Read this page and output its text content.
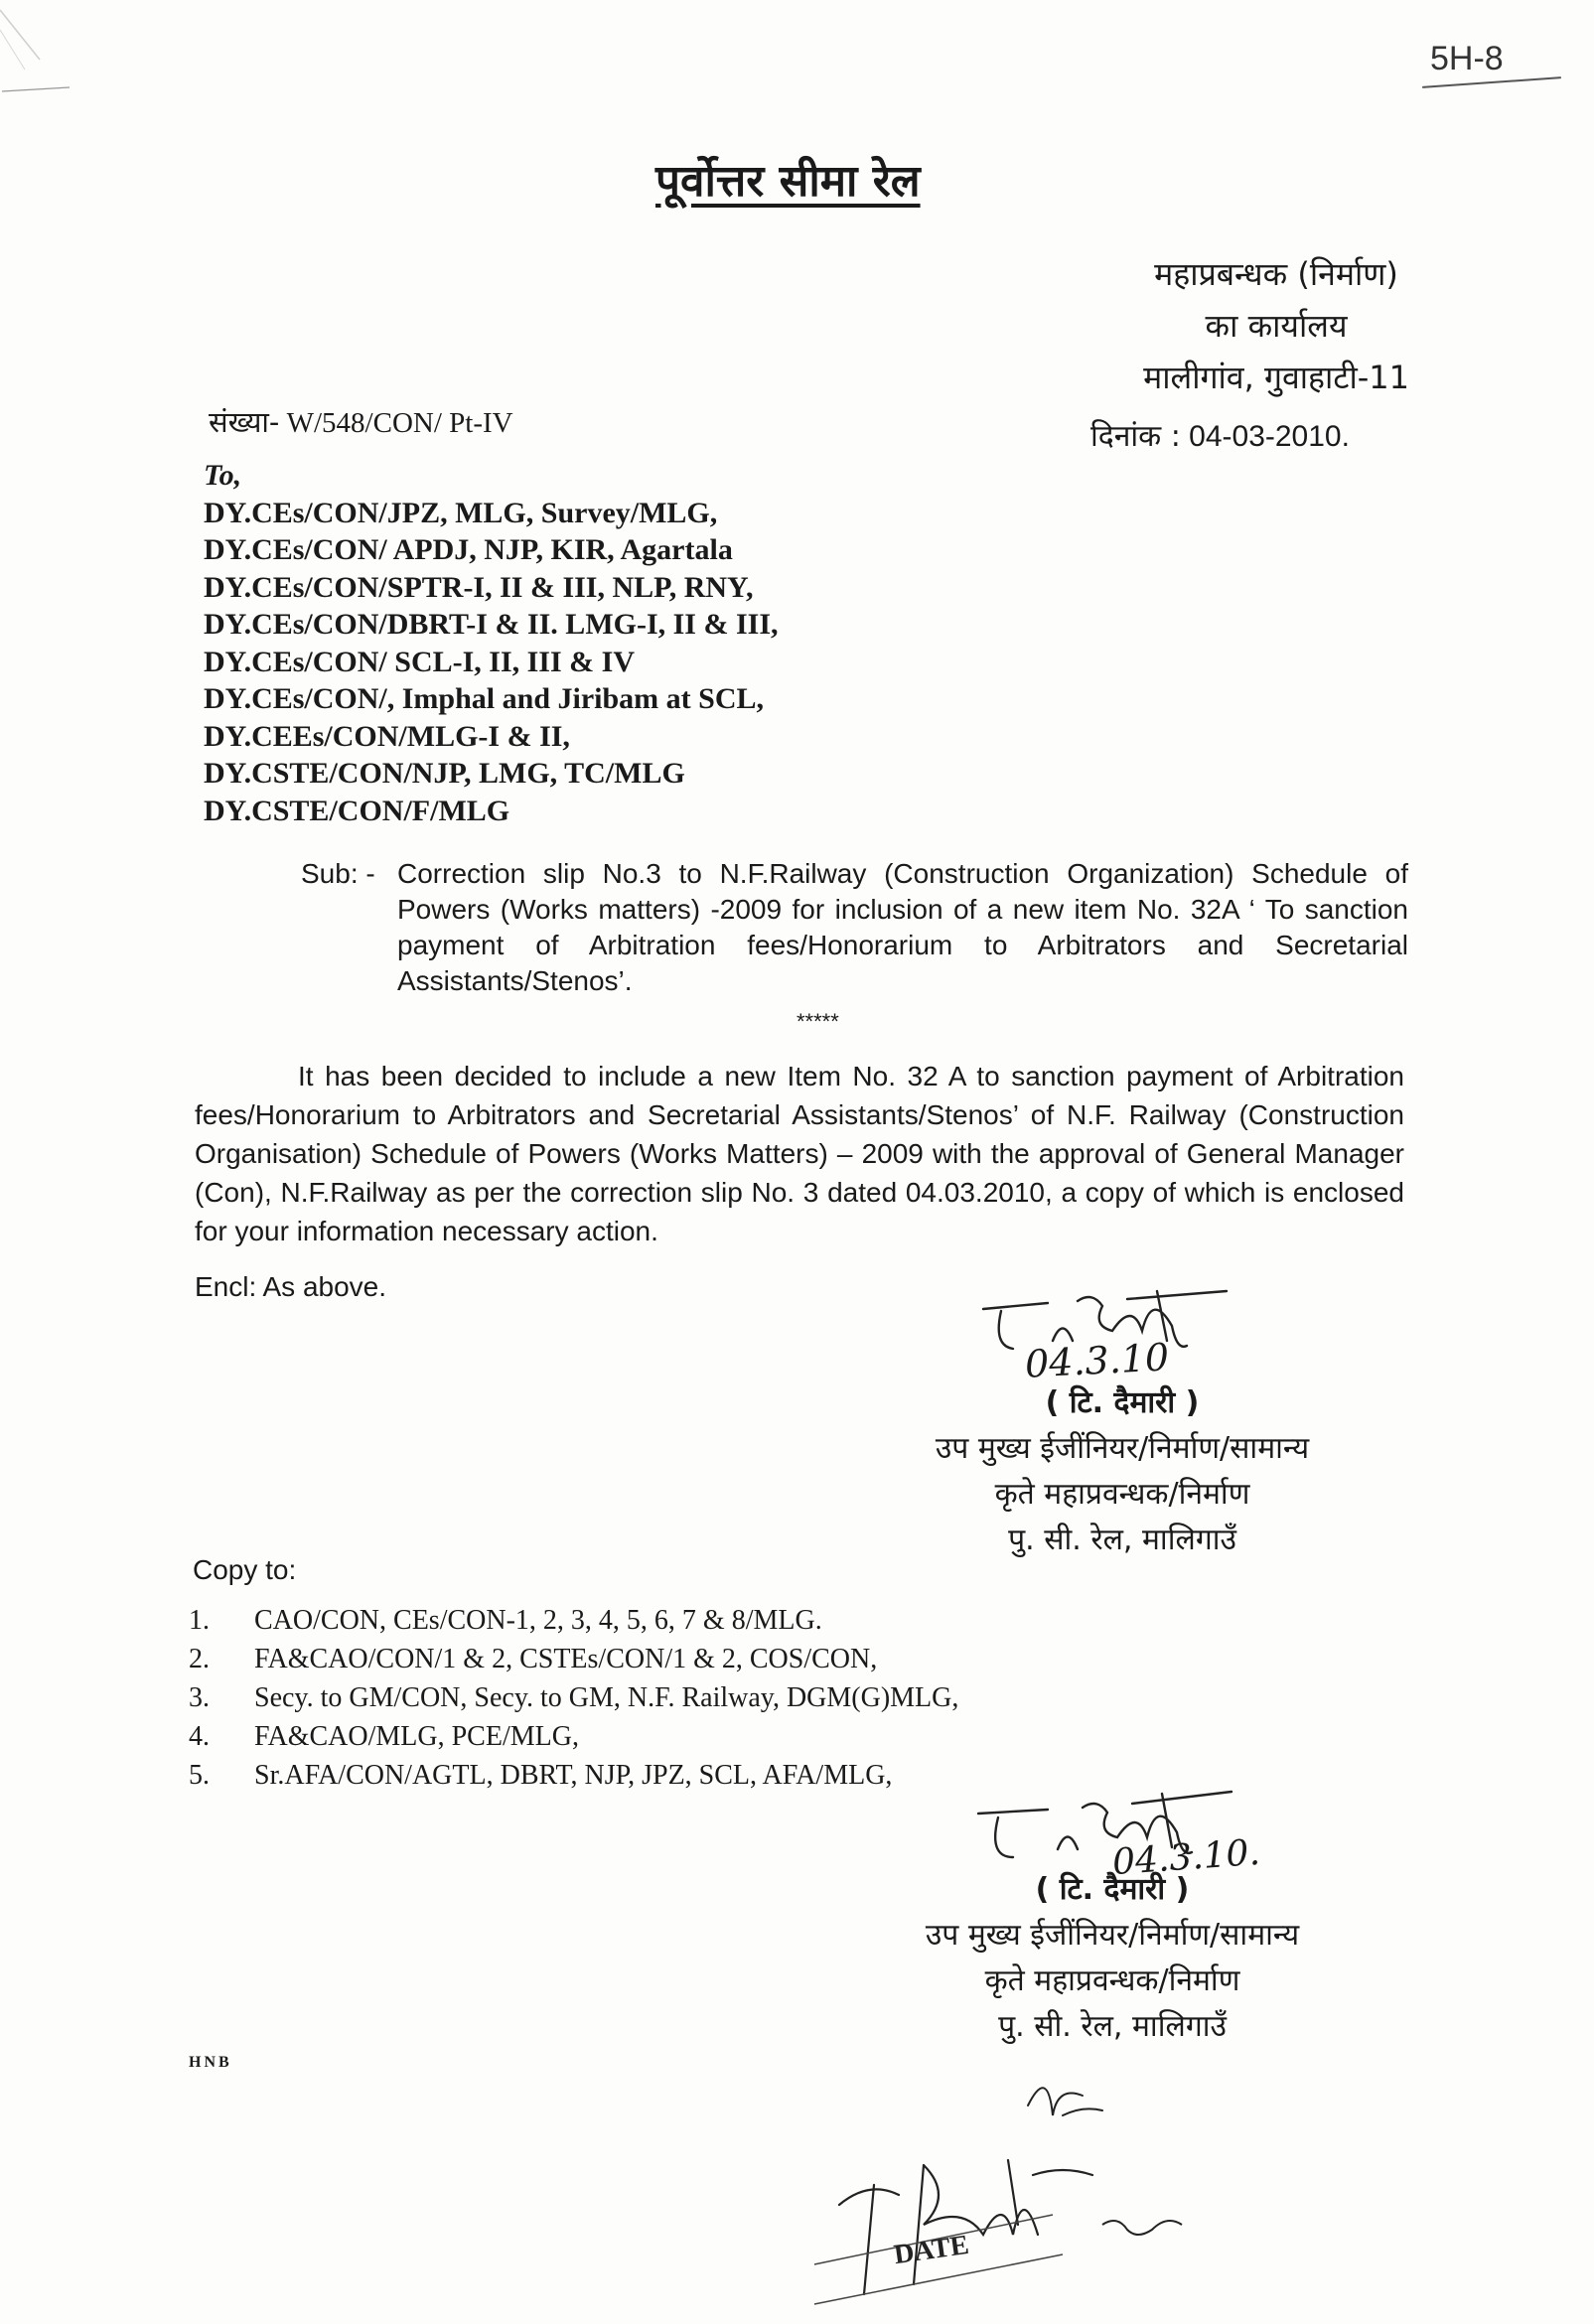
5H-8
पूर्वोत्तर सीमा रेल
महाप्रबन्धक (निर्माण)
का कार्यालय
मालीगांव, गुवाहाटी-11
संख्या- W/548/CON/ Pt-IV	दिनांक : 04-03-2010.
To,
DY.CEs/CON/JPZ, MLG, Survey/MLG,
DY.CEs/CON/ APDJ, NJP, KIR, Agartala
DY.CEs/CON/SPTR-I, II & III, NLP, RNY,
DY.CEs/CON/DBRT-I & II. LMG-I, II & III,
DY.CEs/CON/ SCL-I, II, III & IV
DY.CEs/CON/, Imphal and Jiribam at SCL,
DY.CEEs/CON/MLG-I & II,
DY.CSTE/CON/NJP, LMG, TC/MLG
DY.CSTE/CON/F/MLG
Sub: - Correction slip No.3 to N.F.Railway (Construction Organization) Schedule of Powers (Works matters) -2009 for inclusion of a new item No. 32A ‘ To sanction payment of Arbitration fees/Honorarium to Arbitrators and Secretarial Assistants/Stenos’.
*****
It has been decided to include a new Item No. 32 A to sanction payment of Arbitration fees/Honorarium to Arbitrators and Secretarial Assistants/Stenos’ of N.F. Railway (Construction Organisation) Schedule of Powers (Works Matters) – 2009 with the approval of General Manager (Con), N.F.Railway as per the correction slip No. 3 dated 04.03.2010, a copy of which is enclosed for your information necessary action.
Encl: As above.
04.3.10
( टि. दैमारी )
उप मुख्य ईजींनियर/निर्माण/सामान्य
कृते महाप्रवन्धक/निर्माण
पु. सी. रेल, मालिगाउँ
Copy to:
1.	CAO/CON, CEs/CON-1, 2, 3, 4, 5, 6, 7 & 8/MLG.
2.	FA&CAO/CON/1 & 2, CSTEs/CON/1 & 2, COS/CON,
3.	Secy. to GM/CON, Secy. to GM, N.F. Railway, DGM(G)MLG,
4.	FA&CAO/MLG, PCE/MLG,
5.	Sr.AFA/CON/AGTL, DBRT, NJP, JPZ, SCL, AFA/MLG,
04.3.10.
( टि. दैमारी )
उप मुख्य ईजींनियर/निर्माण/सामान्य
कृते महाप्रवन्धक/निर्माण
पु. सी. रेल, मालिगाउँ
HNB
DATE
